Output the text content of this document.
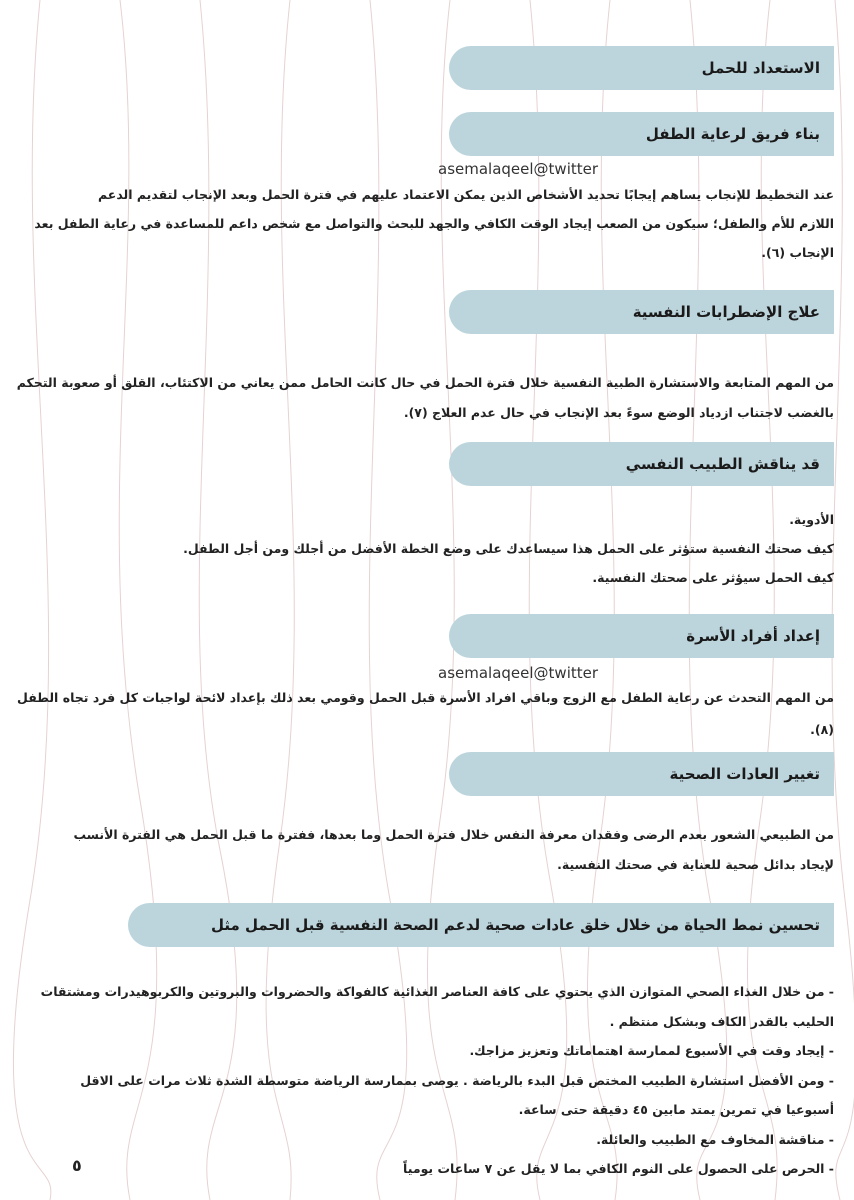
الاستعداد للحمل
بناء فريق لرعاية الطفل
asemalaqeel@twitter
عند التخطيط للإنجاب يساهم إيجابًا تحديد الأشخاص الذين يمكن الاعتماد عليهم في فترة الحمل وبعد الإنجاب لتقديم الدعم
اللازم للأم والطفل؛ سيكون من الصعب إيجاد الوقت الكافي والجهد للبحث والتواصل مع شخص داعم للمساعدة في رعاية الطفل بعد
الإنجاب (٦).
علاج الإضطرابات النفسية
من المهم المتابعة والاستشارة الطبية النفسية خلال فترة الحمل في حال كانت الحامل ممن يعاني من الاكتئاب، القلق أو صعوبة التحكم
بالغضب لاجتناب ازدياد الوضع سوءً بعد الإنجاب في حال عدم العلاج (٧).
قد يناقش الطبيب النفسي
الأدوية.
كيف صحتك النفسية ستؤثر على الحمل هذا سيساعدك على وضع الخطة الأفضل من أجلك ومن أجل الطفل.
كيف الحمل سيؤثر على صحتك النفسية.
إعداد أفراد الأسرة
asemalaqeel@twitter
من المهم التحدث عن رعاية الطفل مع الزوج وباقي افراد الأسرة قبل الحمل وقومي بعد ذلك بإعداد لائحة لواجبات كل فرد تجاه الطفل
(٨).
تغيير العادات الصحية
من الطبيعي الشعور بعدم الرضى وفقدان معرفة النفس خلال فترة الحمل وما بعدها، ففترة ما قبل الحمل هي الفترة الأنسب
لإيجاد بدائل صحية للعناية في صحتك النفسية.
تحسين نمط الحياة من خلال خلق عادات صحية لدعم الصحة النفسية قبل الحمل مثل
- من خلال الغذاء الصحي المتوازن الذي يحتوي على كافة العناصر الغذائية كالفواكة والحضروات والبروتين والكربوهيدرات ومشتقات
الحليب بالقدر الكاف وبشكل منتظم .
- إيجاد وقت في الأسبوع لممارسة اهتماماتك وتعزيز مزاجك.
- ومن الأفضل استشارة الطبيب المختص قبل البدء بالرياضة . يوصى بممارسة الرياضة متوسطة الشدة ثلاث مرات على الاقل
أسبوعيا في تمرين يمتد مابين ٤٥ دقيقة حتى ساعة.
- مناقشة المخاوف مع الطبيب والعائلة.
- الحرص على الحصول على النوم الكافي بما لا يقل عن ٧ ساعات يومياً
٥
